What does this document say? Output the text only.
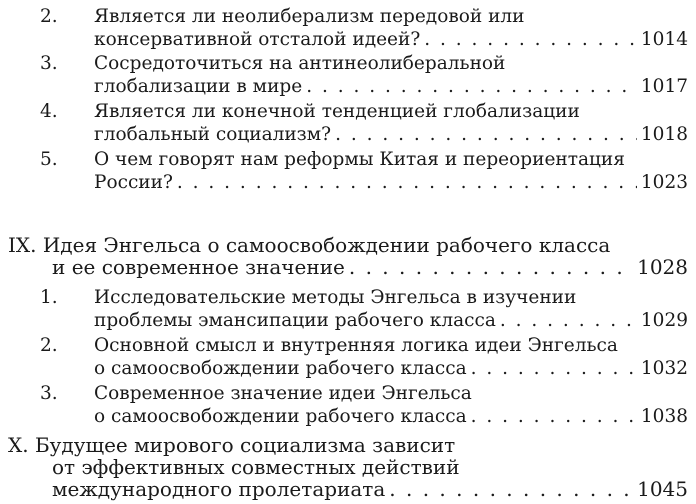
2.	Является ли неолиберализм передовой или
консервативной отсталой идеей? . . .	1014
3.	Сосредоточиться на антинеолиберальной
глобализации в мире . . .	1017
4.	Является ли конечной тенденцией глобализации
глобальный социализм? . . .	1018
5.	О чем говорят нам реформы Китая и переориентация
России? . . .	1023
IX. Идея Энгельса о самоосвобождении рабочего класса
и ее современное значение . . .	1028
1.	Исследовательские методы Энгельса в изучении
проблемы эмансипации рабочего класса . . .	1029
2.	Основной смысл и внутренняя логика идеи Энгельса
о самоосвобождении рабочего класса . . .	1032
3.	Современное значение идеи Энгельса
о самоосвобождении рабочего класса . . .	1038
X. Будущее мирового социализма зависит
от эффективных совместных действий
международного пролетариата . . .	1045
